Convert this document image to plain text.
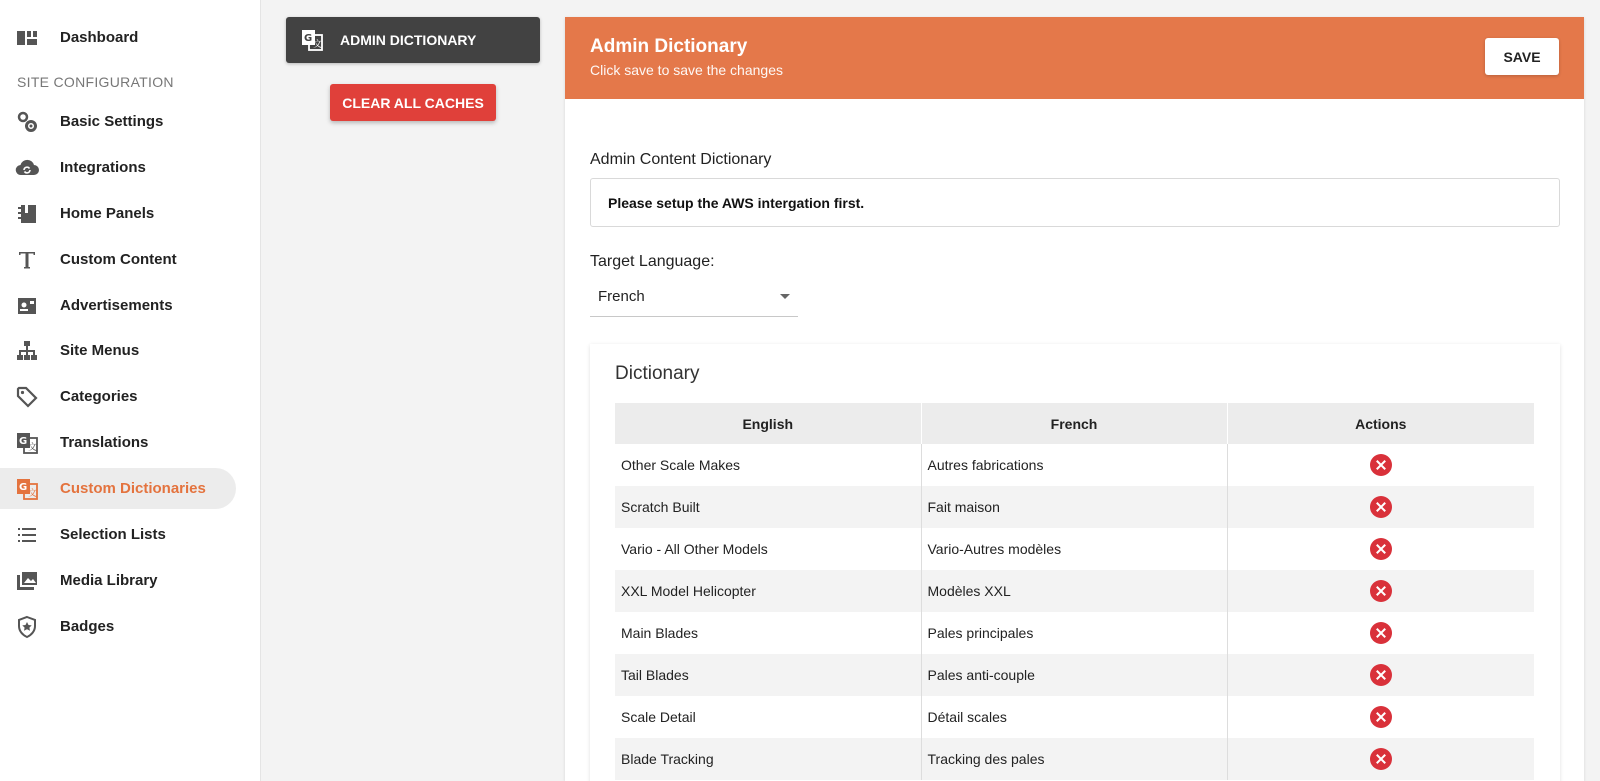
Dashboard
SITE CONFIGURATION
Basic Settings
Integrations
Home Panels
Custom Content
Advertisements
Site Menus
Categories
G
文 Translations
G
文 Custom Dictionaries
Selection Lists
Media Library
Badges
G
文 ADMIN DICTIONARY
CLEAR ALL CACHES
Admin Dictionary
Click save to save the changes
SAVE
Admin Content Dictionary
Please setup the AWS intergation first.
Target Language:
French
Dictionary
English	French	Actions
Other Scale Makes	Autres fabrications	
Scratch Built	Fait maison	
Vario - All Other Models	Vario-Autres modèles	
XXL Model Helicopter	Modèles XXL	
Main Blades	Pales principales	
Tail Blades	Pales anti-couple	
Scale Detail	Détail scales	
Blade Tracking	Tracking des pales	
